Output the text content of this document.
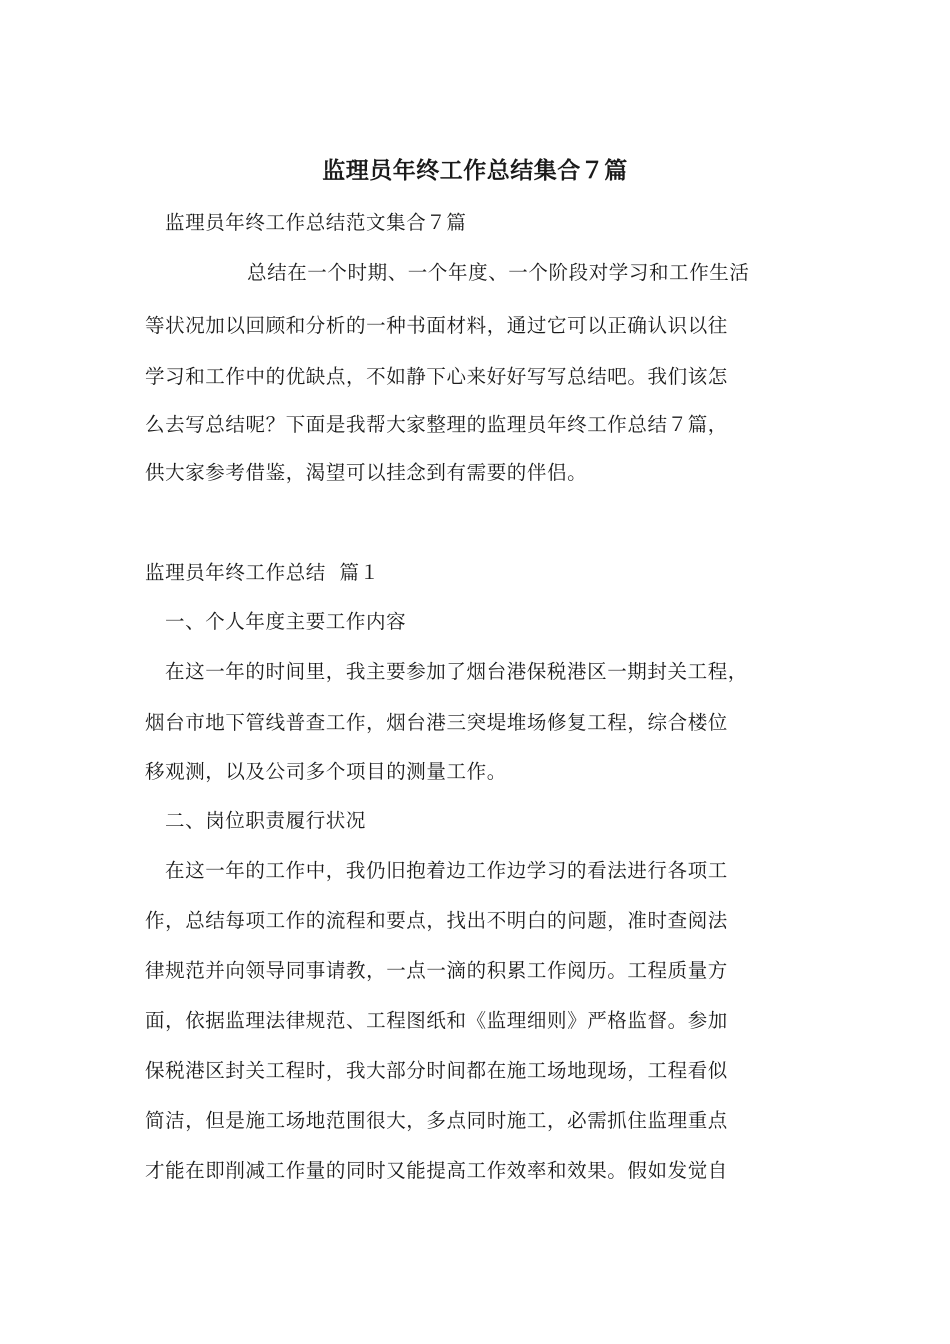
监理员年终工作总结集合７篇

监理员年终工作总结范文集合７篇

总结在一个时期、一个年度、一个阶段对学习和工作生活

等状况加以回顾和分析的一种书面材料，通过它可以正确认识以往

学习和工作中的优缺点，不如静下心来好好写写总结吧。我们该怎

么去写总结呢？下面是我帮大家整理的监理员年终工作总结７篇，

供大家参考借鉴，渴望可以挂念到有需要的伴侣。

监理员年终工作总结  篇１

一、个人年度主要工作内容

在这一年的时间里，我主要参加了烟台港保税港区一期封关工程，

烟台市地下管线普查工作，烟台港三突堤堆场修复工程，综合楼位

移观测，以及公司多个项目的测量工作。

二、岗位职责履行状况

在这一年的工作中，我仍旧抱着边工作边学习的看法进行各项工

作，总结每项工作的流程和要点，找出不明白的问题，准时查阅法

律规范并向领导同事请教，一点一滴的积累工作阅历。工程质量方

面，依据监理法律规范、工程图纸和《监理细则》严格监督。参加

保税港区封关工程时，我大部分时间都在施工场地现场，工程看似

简洁，但是施工场地范围很大，多点同时施工，必需抓住监理重点

才能在即削减工作量的同时又能提高工作效率和效果。假如发觉自
